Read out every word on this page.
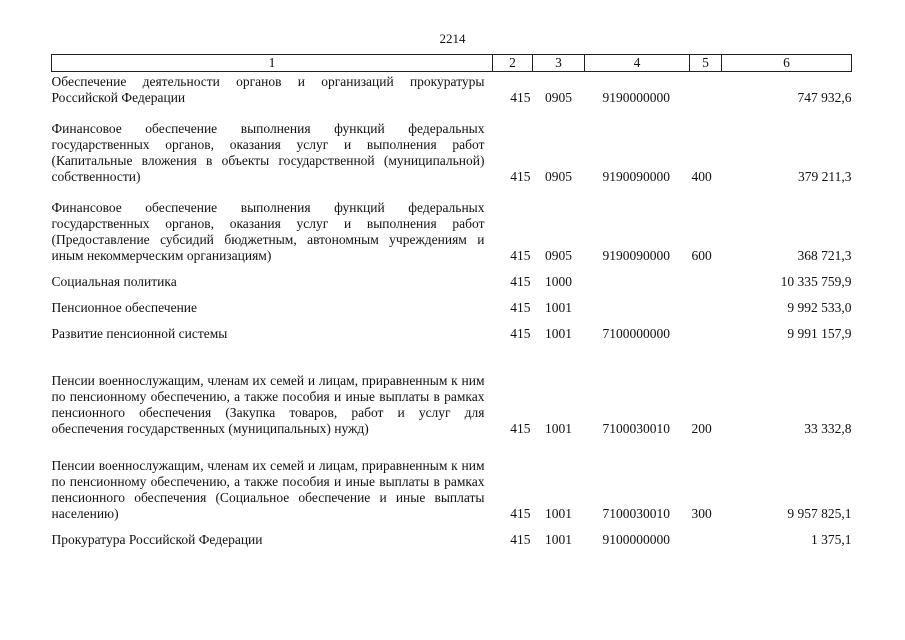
2214
1	2	3	4	5	6
Обеспечение деятельности органов и организаций прокуратуры Российской Федерации	415	0905	9190000000		747 932,6
Финансовое обеспечение выполнения функций федеральных государственных органов, оказания услуг и выполнения работ (Капитальные вложения в объекты государственной (муниципальной) собственности)	415	0905	9190090000	400	379 211,3
Финансовое обеспечение выполнения функций федеральных государственных органов, оказания услуг и выполнения работ (Предоставление субсидий бюджетным, автономным учреждениям и иным некоммерческим организациям)	415	0905	9190090000	600	368 721,3
Социальная политика	415	1000			10 335 759,9
Пенсионное обеспечение	415	1001			9 992 533,0
Развитие пенсионной системы	415	1001	7100000000		9 991 157,9
Пенсии военнослужащим, членам их семей и лицам, приравненным к ним по пенсионному обеспечению, а также пособия и иные выплаты в рамках пенсионного обеспечения (Закупка товаров, работ и услуг для обеспечения государственных (муниципальных) нужд)	415	1001	7100030010	200	33 332,8
Пенсии военнослужащим, членам их семей и лицам, приравненным к ним по пенсионному обеспечению, а также пособия и иные выплаты в рамках пенсионного обеспечения (Социальное обеспечение и иные выплаты населению)	415	1001	7100030010	300	9 957 825,1
Прокуратура Российской Федерации	415	1001	9100000000		1 375,1
